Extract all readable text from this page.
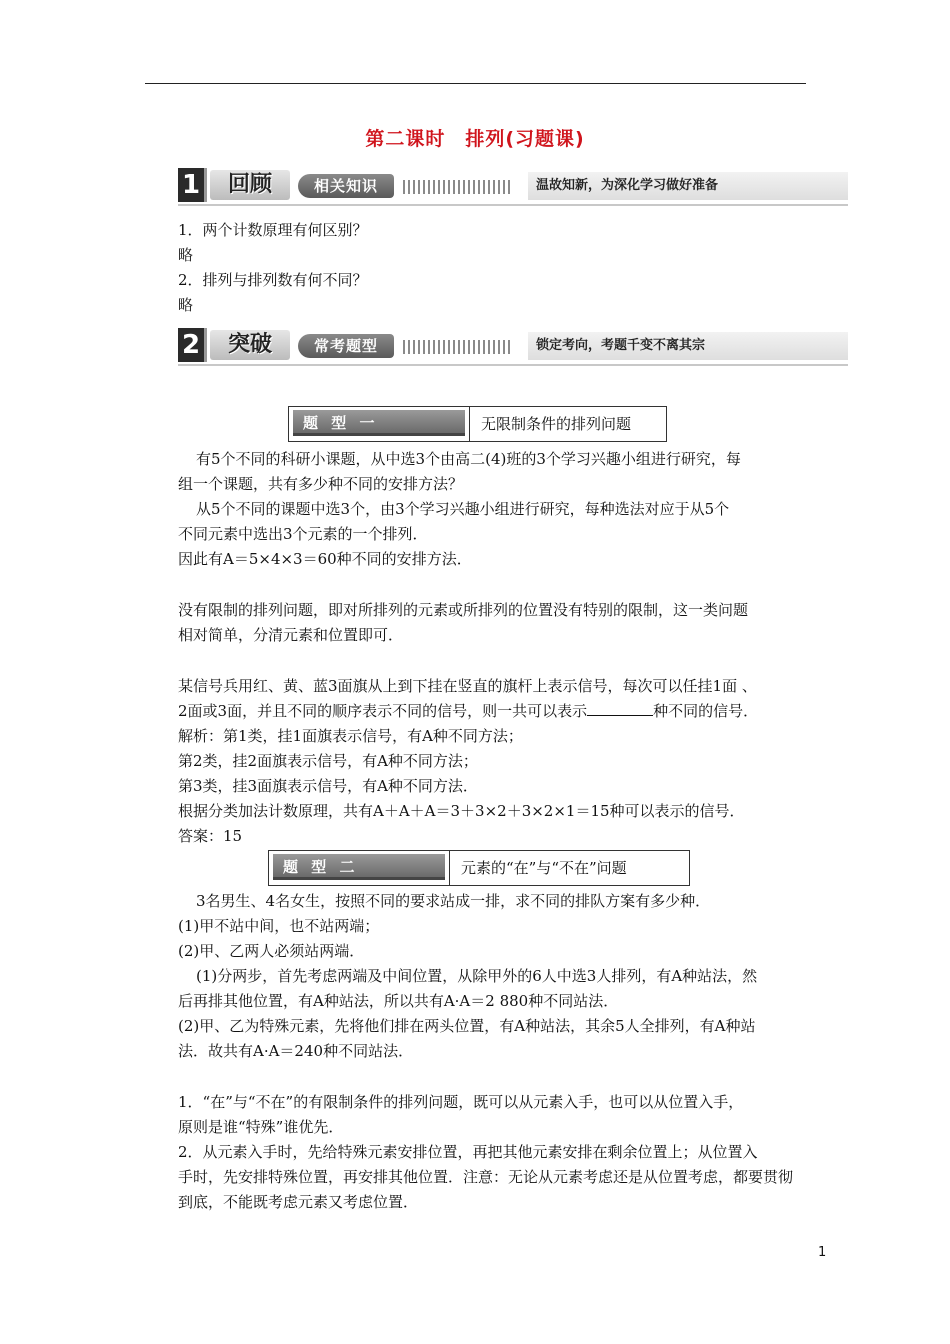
第二课时　排列(习题课)
1	回顾	相关知识	温故知新，为深化学习做好准备
1．两个计数原理有何区别？
略
2．排列与排列数有何不同？
略
2	突破	常考题型	锁定考向，考题千变不离其宗
题 型 一	无限制条件的排列问题
有5个不同的科研小课题，从中选3个由高二(4)班的3个学习兴趣小组进行研究，每
组一个课题，共有多少种不同的安排方法？
从5个不同的课题中选3个，由3个学习兴趣小组进行研究，每种选法对应于从5个
不同元素中选出3个元素的一个排列．
因此有A＝5×4×3＝60种不同的安排方法．
没有限制的排列问题，即对所排列的元素或所排列的位置没有特别的限制，这一类问题
相对简单，分清元素和位置即可．
某信号兵用红、黄、蓝3面旗从上到下挂在竖直的旗杆上表示信号，每次可以任挂1面 、
2面或3面，并且不同的顺序表示不同的信号，则一共可以表示	种不同的信号．
解析：第1类，挂1面旗表示信号，有A种不同方法；
第2类，挂2面旗表示信号，有A种不同方法；
第3类，挂3面旗表示信号，有A种不同方法．
根据分类加法计数原理，共有A＋A＋A＝3＋3×2＋3×2×1＝15种可以表示的信号．
答案：15
题 型 二	元素的“在”与“不在”问题
3名男生、4名女生，按照不同的要求站成一排，求不同的排队方案有多少种．
(1)甲不站中间，也不站两端；
(2)甲、乙两人必须站两端．
(1)分两步，首先考虑两端及中间位置，从除甲外的6人中选3人排列，有A种站法，然
后再排其他位置，有A种站法，所以共有A·A＝2 880种不同站法．
(2)甲、乙为特殊元素，先将他们排在两头位置，有A种站法，其余5人全排列，有A种站
法．故共有A·A＝240种不同站法．
1．“在”与“不在”的有限制条件的排列问题，既可以从元素入手，也可以从位置入手，
原则是谁“特殊”谁优先．
2．从元素入手时，先给特殊元素安排位置，再把其他元素安排在剩余位置上；从位置入
手时，先安排特殊位置，再安排其他位置．注意：无论从元素考虑还是从位置考虑，都要贯彻
到底，不能既考虑元素又考虑位置．
1
